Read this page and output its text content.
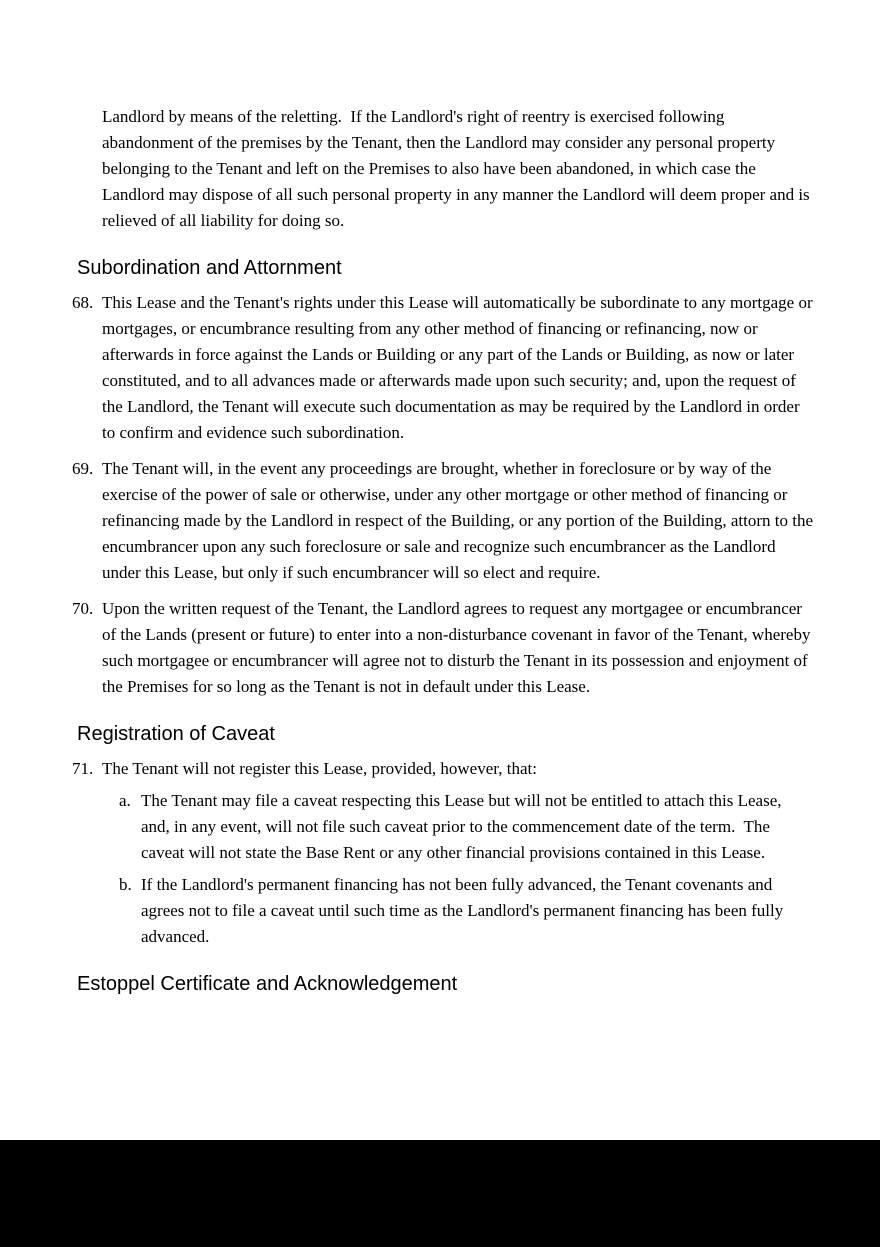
Landlord by means of the reletting.  If the Landlord's right of reentry is exercised following abandonment of the premises by the Tenant, then the Landlord may consider any personal property belonging to the Tenant and left on the Premises to also have been abandoned, in which case the Landlord may dispose of all such personal property in any manner the Landlord will deem proper and is relieved of all liability for doing so.

Subordination and Attornment
68. This Lease and the Tenant's rights under this Lease will automatically be subordinate to any mortgage or mortgages, or encumbrance resulting from any other method of financing or refinancing, now or afterwards in force against the Lands or Building or any part of the Lands or Building, as now or later constituted, and to all advances made or afterwards made upon such security; and, upon the request of the Landlord, the Tenant will execute such documentation as may be required by the Landlord in order to confirm and evidence such subordination.

69. The Tenant will, in the event any proceedings are brought, whether in foreclosure or by way of the exercise of the power of sale or otherwise, under any other mortgage or other method of financing or refinancing made by the Landlord in respect of the Building, or any portion of the Building, attorn to the encumbrancer upon any such foreclosure or sale and recognize such encumbrancer as the Landlord under this Lease, but only if such encumbrancer will so elect and require.

70. Upon the written request of the Tenant, the Landlord agrees to request any mortgagee or encumbrancer of the Lands (present or future) to enter into a non-disturbance covenant in favor of the Tenant, whereby such mortgagee or encumbrancer will agree not to disturb the Tenant in its possession and enjoyment of the Premises for so long as the Tenant is not in default under this Lease.

Registration of Caveat
71. The Tenant will not register this Lease, provided, however, that:

a. The Tenant may file a caveat respecting this Lease but will not be entitled to attach this Lease, and, in any event, will not file such caveat prior to the commencement date of the term.  The caveat will not state the Base Rent or any other financial provisions contained in this Lease.

b. If the Landlord's permanent financing has not been fully advanced, the Tenant covenants and agrees not to file a caveat until such time as the Landlord's permanent financing has been fully advanced.

Estoppel Certificate and Acknowledgement
